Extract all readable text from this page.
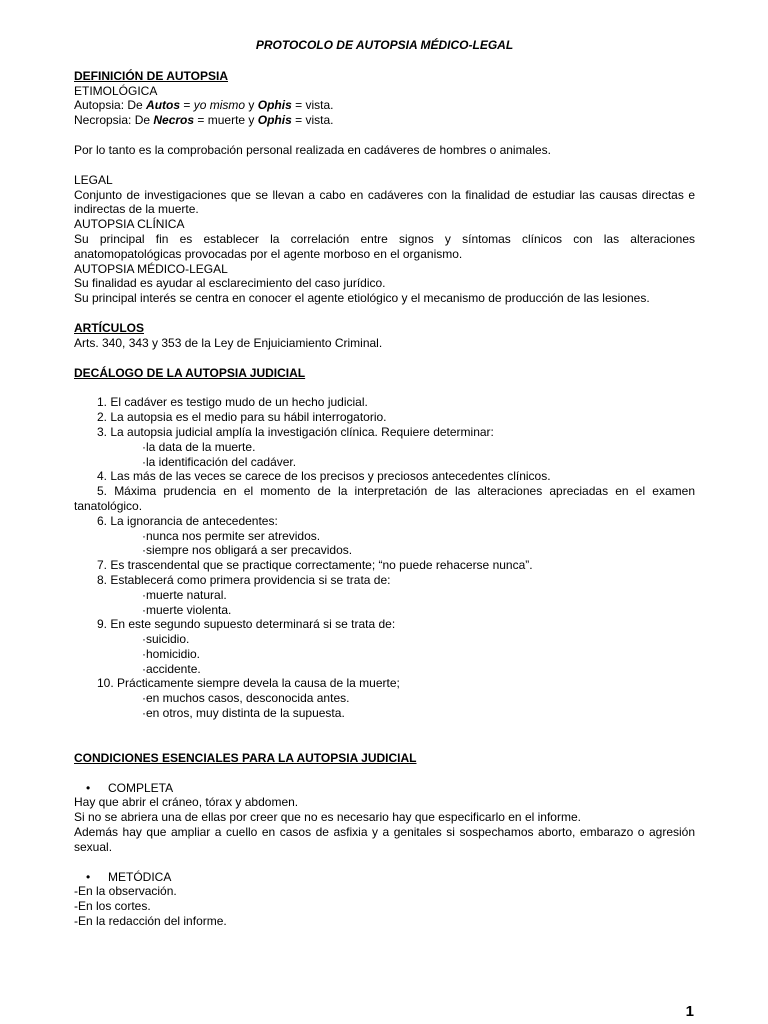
PROTOCOLO DE AUTOPSIA MÉDICO-LEGAL

DEFINICIÓN DE AUTOPSIA

ETIMOLÓGICA

Autopsia: De Autos = yo mismo y Ophis = vista.

Necropsia: De Necros = muerte y Ophis = vista.

Por lo tanto es la comprobación personal realizada en cadáveres de hombres o animales.

LEGAL

Conjunto de investigaciones que se llevan a cabo en cadáveres con la finalidad de estudiar las causas directas e indirectas de la muerte.

AUTOPSIA CLÍNICA

Su principal fin es establecer la correlación entre signos y síntomas clínicos con las alteraciones anatomopatológicas provocadas por el agente morboso en el organismo.

AUTOPSIA MÉDICO-LEGAL

Su finalidad es ayudar al esclarecimiento del caso jurídico.

Su principal interés se centra en conocer el agente etiológico y el mecanismo de producción de las lesiones.

ARTÍCULOS

Arts. 340, 343 y 353 de la Ley de Enjuiciamiento Criminal.

DECÁLOGO DE LA AUTOPSIA JUDICIAL

1. El cadáver es testigo mudo de un hecho judicial.
2. La autopsia es el medio para su hábil interrogatorio.
3. La autopsia judicial amplía la investigación clínica. Requiere determinar:
·la data de la muerte.
·la identificación del cadáver.
4. Las más de las veces se carece de los precisos y preciosos antecedentes clínicos.
5. Máxima prudencia en el momento de la interpretación de las alteraciones apreciadas en el examen tanatológico.
6. La ignorancia de antecedentes:
·nunca nos permite ser atrevidos.
·siempre nos obligará a ser precavidos.
7. Es trascendental que se practique correctamente; “no puede rehacerse nunca”.
8. Establecerá como primera providencia si se trata de:
·muerte natural.
·muerte violenta.
9. En este segundo supuesto determinará si se trata de:
·suicidio.
·homicidio.
·accidente.
10. Prácticamente siempre devela la causa de la muerte;
·en muchos casos, desconocida antes.
·en otros, muy distinta de la supuesta.

CONDICIONES ESENCIALES PARA LA AUTOPSIA JUDICIAL

•	COMPLETA

Hay que abrir el cráneo, tórax y abdomen.

Si no se abriera una de ellas por creer que no es necesario hay que especificarlo en el informe.

Además hay que ampliar a cuello en casos de asfixia y a genitales si sospechamos aborto, embarazo o agresión sexual.

•	METÓDICA

-En la observación.

-En los cortes.

-En la redacción del informe.

1
